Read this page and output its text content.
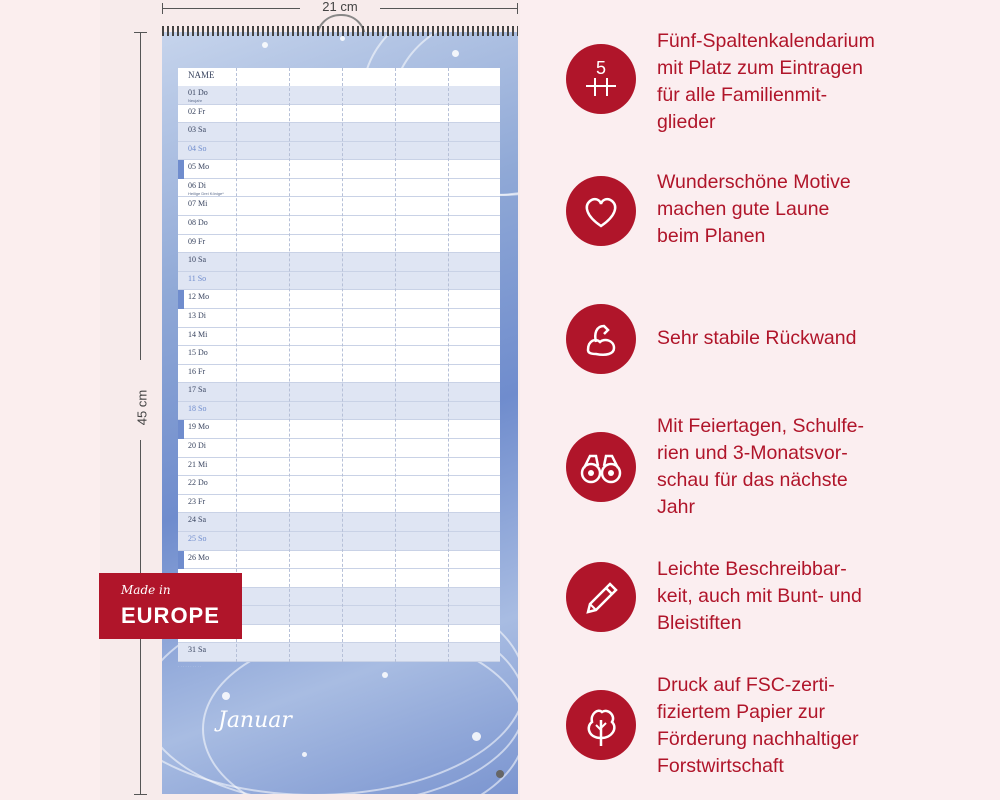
21 cm
45 cm
NAME
01 Do
Neujahr
02 Fr
03 Sa
04 So
05 Mo
06 Di
Heilige Drei Könige*
07 Mi
08 Do
09 Fr
10 Sa
11 So
12 Mo
13 Di
14 Mi
15 Do
16 Fr
17 Sa
18 So
19 Mo
20 Di
21 Mi
22 Do
23 Fr
24 Sa
25 So
26 Mo
31 Sa
· · · · · · · · · ·
Januar
Made in
EUROPE
5
Fünf-Spaltenkalendarium
mit Platz zum Eintragen
für alle Familienmit-
glieder
Wunderschöne Motive
machen gute Laune
beim Planen
Sehr stabile Rückwand
Mit Feiertagen, Schulfe-
rien und 3-Monatsvor-
schau für das nächste
Jahr
Leichte Beschreibbar-
keit, auch mit Bunt- und
Bleistiften
Druck auf FSC-zerti-
fiziertem Papier zur
Förderung nachhaltiger
Forstwirtschaft
